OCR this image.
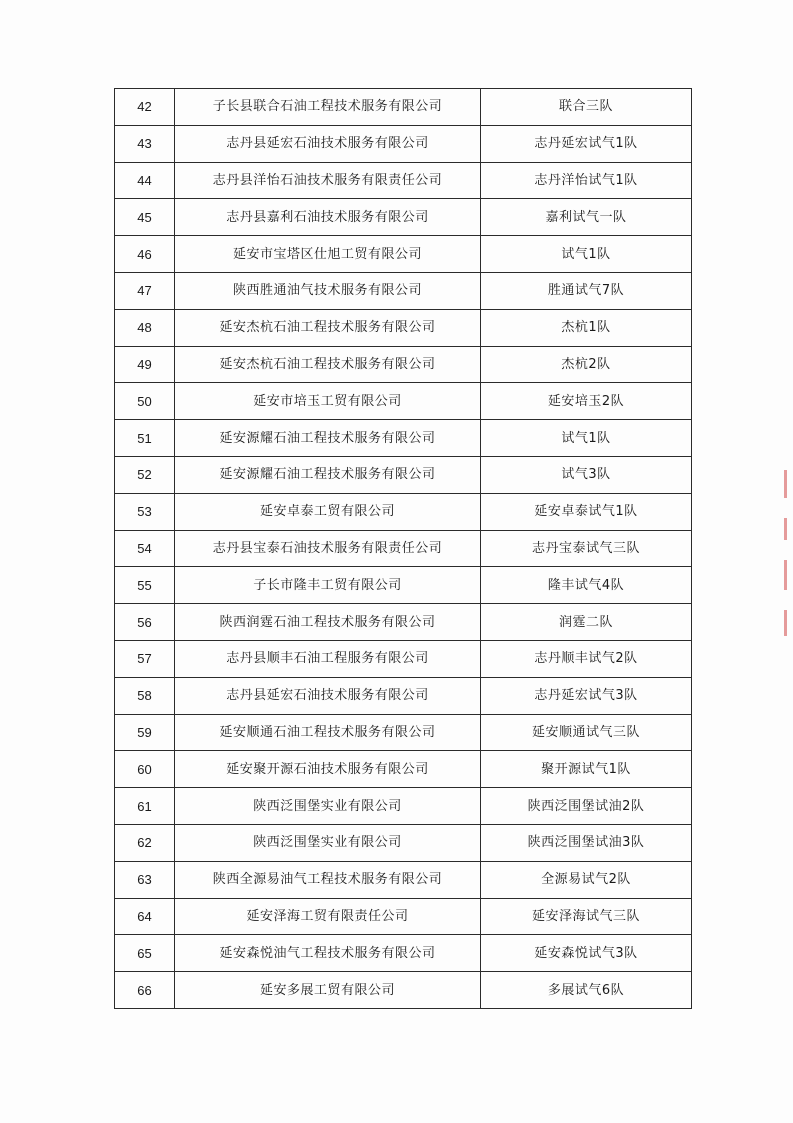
42	子长县联合石油工程技术服务有限公司	联合三队
43	志丹县延宏石油技术服务有限公司	志丹延宏试气1队
44	志丹县洋怡石油技术服务有限责任公司	志丹洋怡试气1队
45	志丹县嘉利石油技术服务有限公司	嘉利试气一队
46	延安市宝塔区仕旭工贸有限公司	试气1队
47	陕西胜通油气技术服务有限公司	胜通试气7队
48	延安杰杭石油工程技术服务有限公司	杰杭1队
49	延安杰杭石油工程技术服务有限公司	杰杭2队
50	延安市培玉工贸有限公司	延安培玉2队
51	延安源耀石油工程技术服务有限公司	试气1队
52	延安源耀石油工程技术服务有限公司	试气3队
53	延安卓泰工贸有限公司	延安卓泰试气1队
54	志丹县宝泰石油技术服务有限责任公司	志丹宝泰试气三队
55	子长市隆丰工贸有限公司	隆丰试气4队
56	陕西润霆石油工程技术服务有限公司	润霆二队
57	志丹县顺丰石油工程服务有限公司	志丹顺丰试气2队
58	志丹县延宏石油技术服务有限公司	志丹延宏试气3队
59	延安顺通石油工程技术服务有限公司	延安顺通试气三队
60	延安聚开源石油技术服务有限公司	聚开源试气1队
61	陕西泛围堡实业有限公司	陕西泛围堡试油2队
62	陕西泛围堡实业有限公司	陕西泛围堡试油3队
63	陕西全源易油气工程技术服务有限公司	全源易试气2队
64	延安泽海工贸有限责任公司	延安泽海试气三队
65	延安森悦油气工程技术服务有限公司	延安森悦试气3队
66	延安多展工贸有限公司	多展试气6队
